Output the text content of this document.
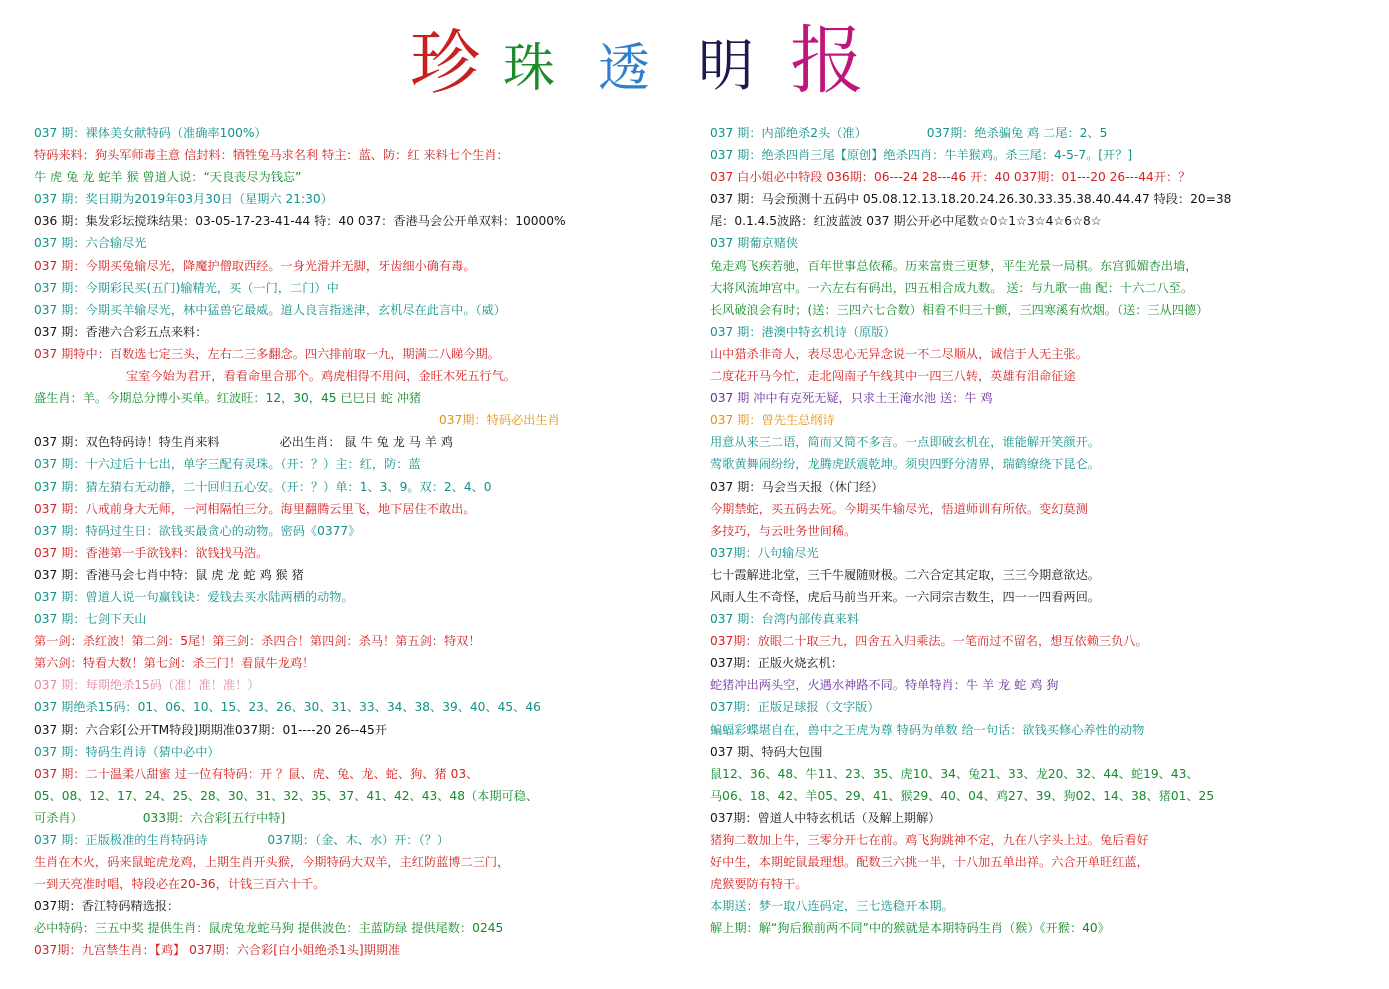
珍 珠 透 明 报
037 期：裸体美女献特码（准确率100%）
特码来料：狗头军师毒主意 信封料：牺牲兔马求名利 特主：蓝、防：红 来料七个生肖：
牛 虎 兔 龙 蛇羊 猴 曾道人说：“天良丧尽为钱忘”
037 期：奖日期为2019年03月30日（星期六 21:30）
036 期：集发彩坛搅珠结果：03-05-17-23-41-44 特：40 037：香港马会公开单双料：10000%
037 期：六合输尽光
037 期：今期买兔输尽光，降魔护僧取西经。一身光滑并无脚，牙齿细小确有毒。
037 期：今期彩民买(五门)输精光，买（一门，二门）中
037 期：今期买羊输尽光，林中猛兽它最威。道人良言指迷津，玄机尽在此言中。（威）
037 期：香港六合彩五点来料：
037 期特中：百数选七定三头，左右二三多翻念。四六排前取一九，期满二八睇今期。
宝室今始为君开，看看命里合那个。鸡虎相得不用问，金旺木死五行气。
盛生肖：羊。今期总分博小买单。红波旺：12，30，45 已巳日 蛇 冲猪
037期：特码必出生肖
037 期：双色特码诗！特生肖来料	必出生肖： 鼠 牛 兔 龙 马 羊 鸡
037 期：十六过后十七出，单字三配有灵珠。（开：？）主：红，防：蓝
037 期：猜左猜右无动静，二十回归五心安。（开：？）单：1、3、9。双：2、4、0
037 期：八戒前身大无师，一河相隔怕三分。海里翻腾云里飞，地下居住不敢出。
037 期：特码过生日：欲钱买最贪心的动物。密码《0377》
037 期：香港第一手欲钱料：欲钱找马浩。
037 期：香港马会七肖中特：鼠 虎 龙 蛇 鸡 猴 猪
037 期：曾道人说一句赢钱诀：爱钱去买水陆两栖的动物。
037 期：七剑下天山
第一剑：杀红波！第二剑：5尾！第三剑：杀四合！第四剑：杀马！第五剑：特双！
第六剑：特看大数！第七剑：杀三门！看鼠牛龙鸡！
037 期：每期绝杀15码（准！准！准！）
037 期绝杀15码：01、06、10、15、23、26、30、31、33、34、38、39、40、45、46
037 期：六合彩[公开TM特段]期期准037期：01----20 26--45开
037 期：特码生肖诗（猜中必中）
037 期：二十温柔八甜蜜 过一位有特码：开 ？鼠、虎、兔、龙、蛇、狗、猪 03、
05、08、12、17、24、25、28、30、31、32、35、37、41、42、43、48（本期可稳、
可杀肖）	033期：六合彩[五行中特]
037 期：正版极准的生肖特码诗	037期：（金、木、水）开：（？）
生肖在木火，码来鼠蛇虎龙鸡，上期生肖开头猴，今期特码大双羊，主红防蓝博二三门，
一到天亮准时唱，特段必在20-36，计钱三百六十千。
037期：香江特码精选报：
必中特码：三五中奖 提供生肖：鼠虎兔龙蛇马狗 提供波色：主蓝防绿 提供尾数：0245
037期：九宫禁生肖：【鸡】 037期：六合彩[白小姐绝杀1头]期期准
037 期：内部绝杀2头（准）	037期：绝杀骗兔 鸡 二尾：2、5
037 期：绝杀四肖三尾【原创】绝杀四肖：牛羊猴鸡。杀三尾：4-5-7。[开？]
037 白小姐必中特段 036期：06---24 28---46 开：40 037期：01---20 26---44开：？
037 期：马会预测十五码中 05.08.12.13.18.20.24.26.30.33.35.38.40.44.47 特段：20=38
尾：0.1.4.5波路：红波蓝波 037 期公开必中尾数☆0☆1☆3☆4☆6☆8☆
037 期葡京赌侠
兔走鸡飞疾若驰，百年世事总依稀。历来富贵三更梦，平生光景一局棋。东宫狐媚杏出墙，
大将风流坤宫中。一六左右有码出，四五相合成九数。 送：与九歌一曲 配：十六二八至。
长风破浪会有时；(送：三四六七合数）相看不归三十颤，三四寒溪有炊烟。（送：三从四德）
037 期：港澳中特玄机诗（原版）
山中猎杀非奇人，表尽忠心无异念说一不二尽顺从，诚信于人无主张。
二度花开马今忙，走北闯南子午线其中一四三八转，英雄有泪命征途
037 期 冲中有克死无疑，只求土王淹水池 送：牛 鸡
037 期：曾先生总纲诗
用意从来三二语，简而又简不多言。一点即破玄机在，谁能解开笑颜开。
莺歌黄舞闹纷纷，龙腾虎跃震乾坤。须臾四野分清界，瑞鹤缭绕下昆仑。
037 期：马会当天报（休门经）
今期禁蛇，买五码去死。今期买牛输尽光，悟道师训有所依。变幻莫测
多技巧，与云吐务世间稀。
037期：八句输尽光
七十霞解进北堂，三千牛履随财极。二六合定其定取，三三今期意欲达。
风雨人生不奇怪，虎后马前当开来。一六同宗吉数生，四一一四看两回。
037 期：台湾内部传真来料
037期：放眼二十取三九，四舍五入归乘法。一笔而过不留名，想互依赖三负八。
037期：正版火烧玄机：
蛇猪冲出两头空，火遇水神路不同。特单特肖：牛 羊 龙 蛇 鸡 狗
037期：正版足球报（文字版）
蝙蝠彩蝶堪自在，兽中之王虎为尊 特码为单数 给一句话：欲钱买修心养性的动物
037 期、特码大包围
鼠12、36、48、牛11、23、35、虎10、34、兔21、33、龙20、32、44、蛇19、43、
马06、18、42、羊05、29、41、猴29、40、04、鸡27、39、狗02、14、38、猪01、25
037期：曾道人中特玄机话（及解上期解）
猪狗二数加上牛，三零分开七在前。鸡飞狗跳神不定，九在八字头上过。兔后看好
好中生，本期蛇鼠最理想。配数三六挑一半，十八加五单出祥。六合开单旺红蓝，
虎猴要防有特干。
本期送：梦一取八连码定，三七选稳开本期。
解上期：解“狗后猴前两不同”中的猴就是本期特码生肖（猴）《开猴：40》
